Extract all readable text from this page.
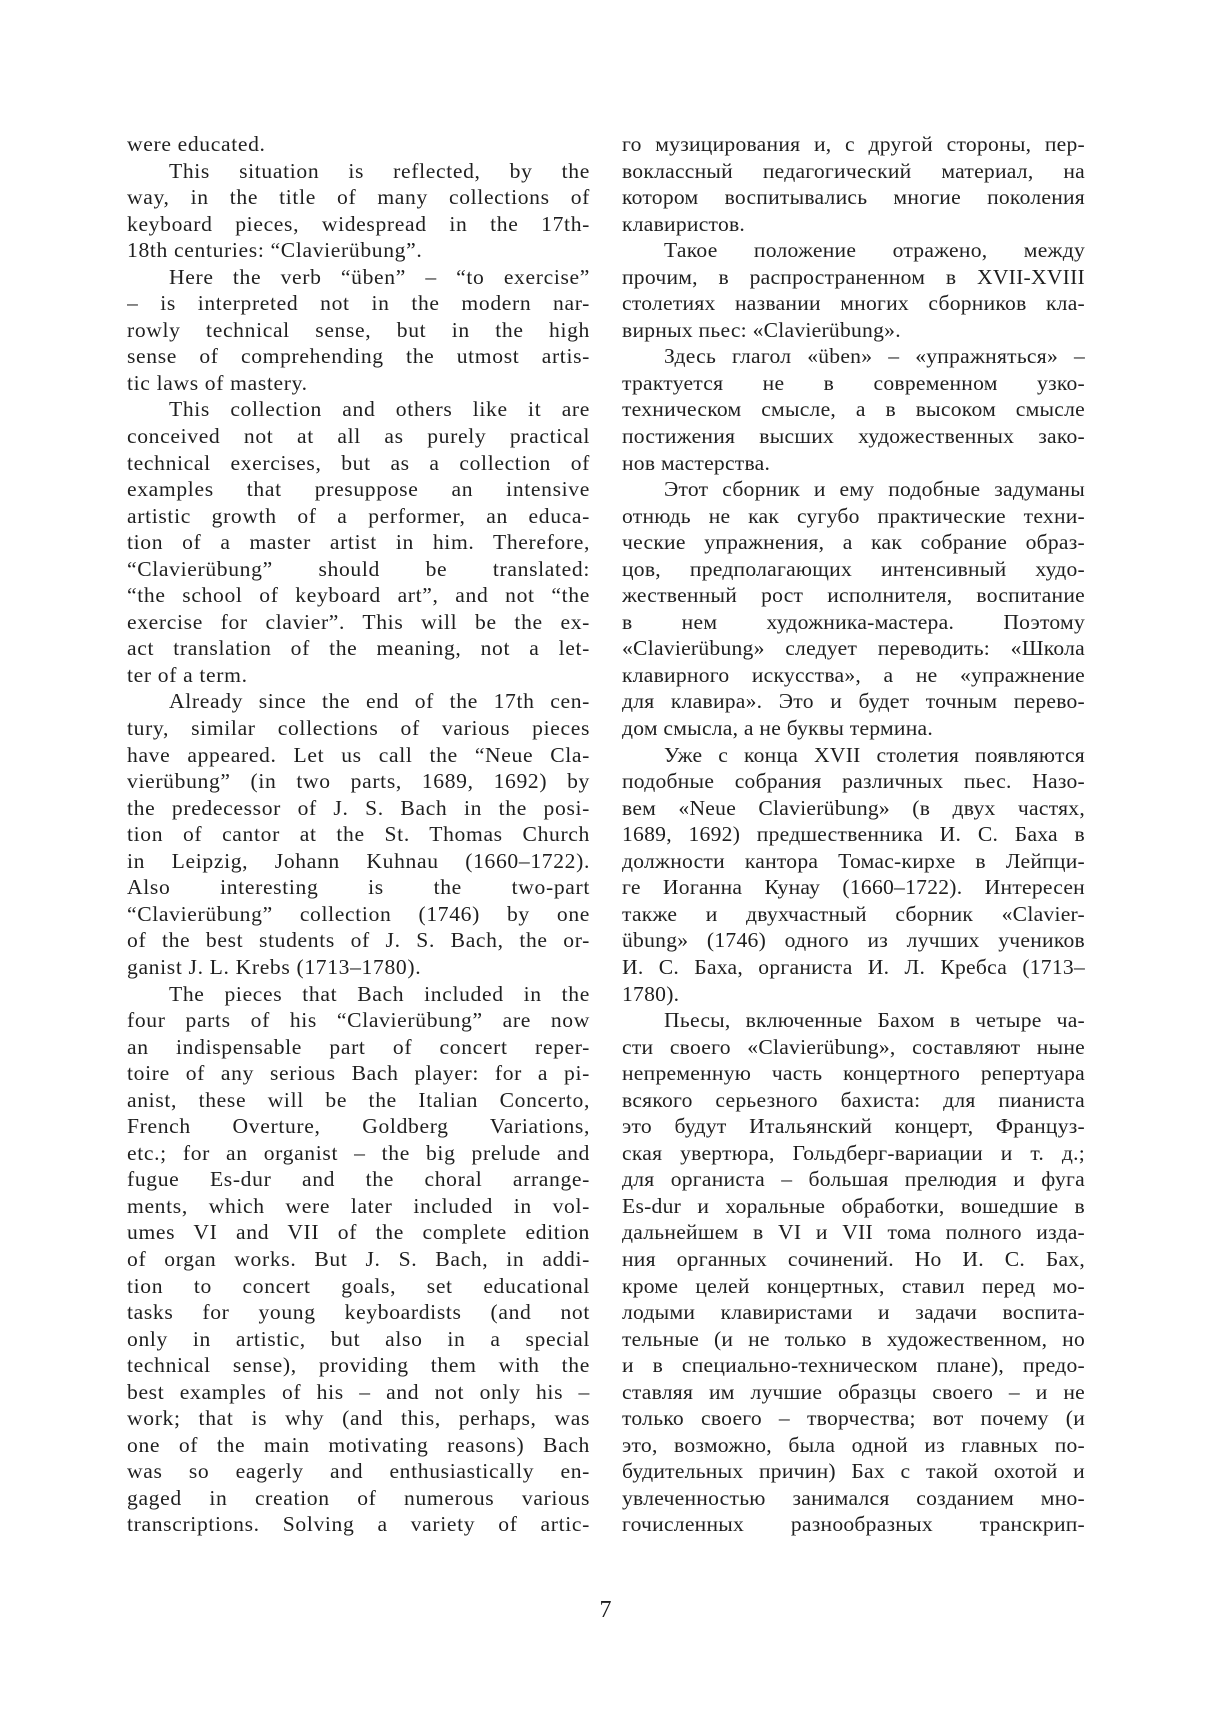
were educated.
This situation is reflected, by the
way, in the title of many collections of
keyboard pieces, widespread in the 17th-
18th centuries: “Clavierübung”.
Here the verb “üben” – “to exercise”
– is interpreted not in the modern nar-
rowly technical sense, but in the high
sense of comprehending the utmost artis-
tic laws of mastery.
This collection and others like it are
conceived not at all as purely practical
technical exercises, but as a collection of
examples that presuppose an intensive
artistic growth of a performer, an educa-
tion of a master artist in him. Therefore,
“Clavierübung” should be translated:
“the school of keyboard art”, and not “the
exercise for clavier”. This will be the ex-
act translation of the meaning, not a let-
ter of a term.
Already since the end of the 17th cen-
tury, similar collections of various pieces
have appeared. Let us call the “Neue Cla-
vierübung” (in two parts, 1689, 1692) by
the predecessor of J. S. Bach in the posi-
tion of cantor at the St. Thomas Church
in Leipzig, Johann Kuhnau (1660–1722).
Also interesting is the two-part
“Clavierübung” collection (1746) by one
of the best students of J. S. Bach, the or-
ganist J. L. Krebs (1713–1780).
The pieces that Bach included in the
four parts of his “Clavierübung” are now
an indispensable part of concert reper-
toire of any serious Bach player: for a pi-
anist, these will be the Italian Concerto,
French Overture, Goldberg Variations,
etc.; for an organist – the big prelude and
fugue Es-dur and the choral arrange-
ments, which were later included in vol-
umes VI and VII of the complete edition
of organ works. But J. S. Bach, in addi-
tion to concert goals, set educational
tasks for young keyboardists (and not
only in artistic, but also in a special
technical sense), providing them with the
best examples of his – and not only his –
work; that is why (and this, perhaps, was
one of the main motivating reasons) Bach
was so eagerly and enthusiastically en-
gaged in creation of numerous various
transcriptions. Solving a variety of artic-
го музицирования и, с другой стороны, пер-
воклассный педагогический материал, на
котором воспитывались многие поколения
клавиристов.
Такое положение отражено, между
прочим, в распространенном в XVII-XVIII
столетиях названии многих сборников кла-
вирных пьес: «Clavierübung».
Здесь глагол «üben» – «упражняться» –
трактуется не в современном узко-
техническом смысле, а в высоком смысле
постижения высших художественных зако-
нов мастерства.
Этот сборник и ему подобные задуманы
отнюдь не как сугубо практические техни-
ческие упражнения, а как собрание образ-
цов, предполагающих интенсивный худо-
жественный рост исполнителя, воспитание
в нем художника-мастера. Поэтому
«Clavierübung» следует переводить: «Школа
клавирного искусства», а не «упражнение
для клавира». Это и будет точным перево-
дом смысла, а не буквы термина.
Уже с конца XVII столетия появляются
подобные собрания различных пьес. Назо-
вем «Neue Clavierübung» (в двух частях,
1689, 1692) предшественника И. С. Баха в
должности кантора Томас-кирхе в Лейпци-
ге Иоганна Кунау (1660–1722). Интересен
также и двухчастный сборник «Clavier-
übung» (1746) одного из лучших учеников
И. С. Баха, органиста И. Л. Кребса (1713–
1780).
Пьесы, включенные Бахом в четыре ча-
сти своего «Clavierübung», составляют ныне
непременную часть концертного репертуара
всякого серьезного бахиста: для пианиста
это будут Итальянский концерт, Француз-
ская увертюра, Гольдберг-вариации и т. д.;
для органиста – большая прелюдия и фуга
Es-dur и хоральные обработки, вошедшие в
дальнейшем в VI и VII тома полного изда-
ния органных сочинений. Но И. С. Бах,
кроме целей концертных, ставил перед мо-
лодыми клавиристами и задачи воспита-
тельные (и не только в художественном, но
и в специально-техническом плане), предо-
ставляя им лучшие образцы своего – и не
только своего – творчества; вот почему (и
это, возможно, была одной из главных по-
будительных причин) Бах с такой охотой и
увлеченностью занимался созданием мно-
гочисленных разнообразных транскрип-
7
